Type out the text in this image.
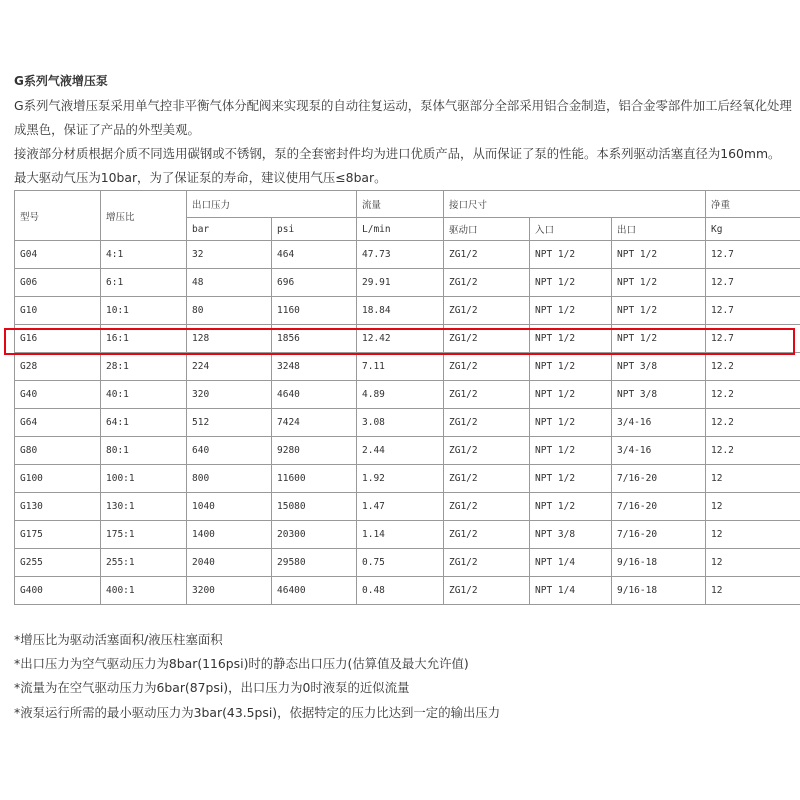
G系列气液增压泵
G系列气液增压泵采用单气控非平衡气体分配阀来实现泵的自动往复运动，泵体气驱部分全部采用铝合金制造，铝合金零部件加工后经氧化处理成黑色，保证了产品的外型美观。
接液部分材质根据介质不同选用碳钢或不锈钢，泵的全套密封件均为进口优质产品，从而保证了泵的性能。本系列驱动活塞直径为160mm。
最大驱动气压为10bar，为了保证泵的寿命，建议使用气压≤8bar。
型号	增压比	出口压力		流量	接口尺寸			净重
		bar	psi	L/min	驱动口	入口	出口	Kg
G04	4:1	32	464	47.73	ZG1/2	NPT 1/2	NPT 1/2	12.7
G06	6:1	48	696	29.91	ZG1/2	NPT 1/2	NPT 1/2	12.7
G10	10:1	80	1160	18.84	ZG1/2	NPT 1/2	NPT 1/2	12.7
G16	16:1	128	1856	12.42	ZG1/2	NPT 1/2	NPT 1/2	12.7
G28	28:1	224	3248	7.11	ZG1/2	NPT 1/2	NPT 3/8	12.2
G40	40:1	320	4640	4.89	ZG1/2	NPT 1/2	NPT 3/8	12.2
G64	64:1	512	7424	3.08	ZG1/2	NPT 1/2	3/4-16	12.2
G80	80:1	640	9280	2.44	ZG1/2	NPT 1/2	3/4-16	12.2
G100	100:1	800	11600	1.92	ZG1/2	NPT 1/2	7/16-20	12
G130	130:1	1040	15080	1.47	ZG1/2	NPT 1/2	7/16-20	12
G175	175:1	1400	20300	1.14	ZG1/2	NPT 3/8	7/16-20	12
G255	255:1	2040	29580	0.75	ZG1/2	NPT 1/4	9/16-18	12
G400	400:1	3200	46400	0.48	ZG1/2	NPT 1/4	9/16-18	12
*增压比为驱动活塞面积/液压柱塞面积
*出口压力为空气驱动压力为8bar(116psi)时的静态出口压力(估算值及最大允许值)
*流量为在空气驱动压力为6bar(87psi)，出口压力为0时液泵的近似流量
*液泵运行所需的最小驱动压力为3bar(43.5psi)，依据特定的压力比达到一定的输出压力
